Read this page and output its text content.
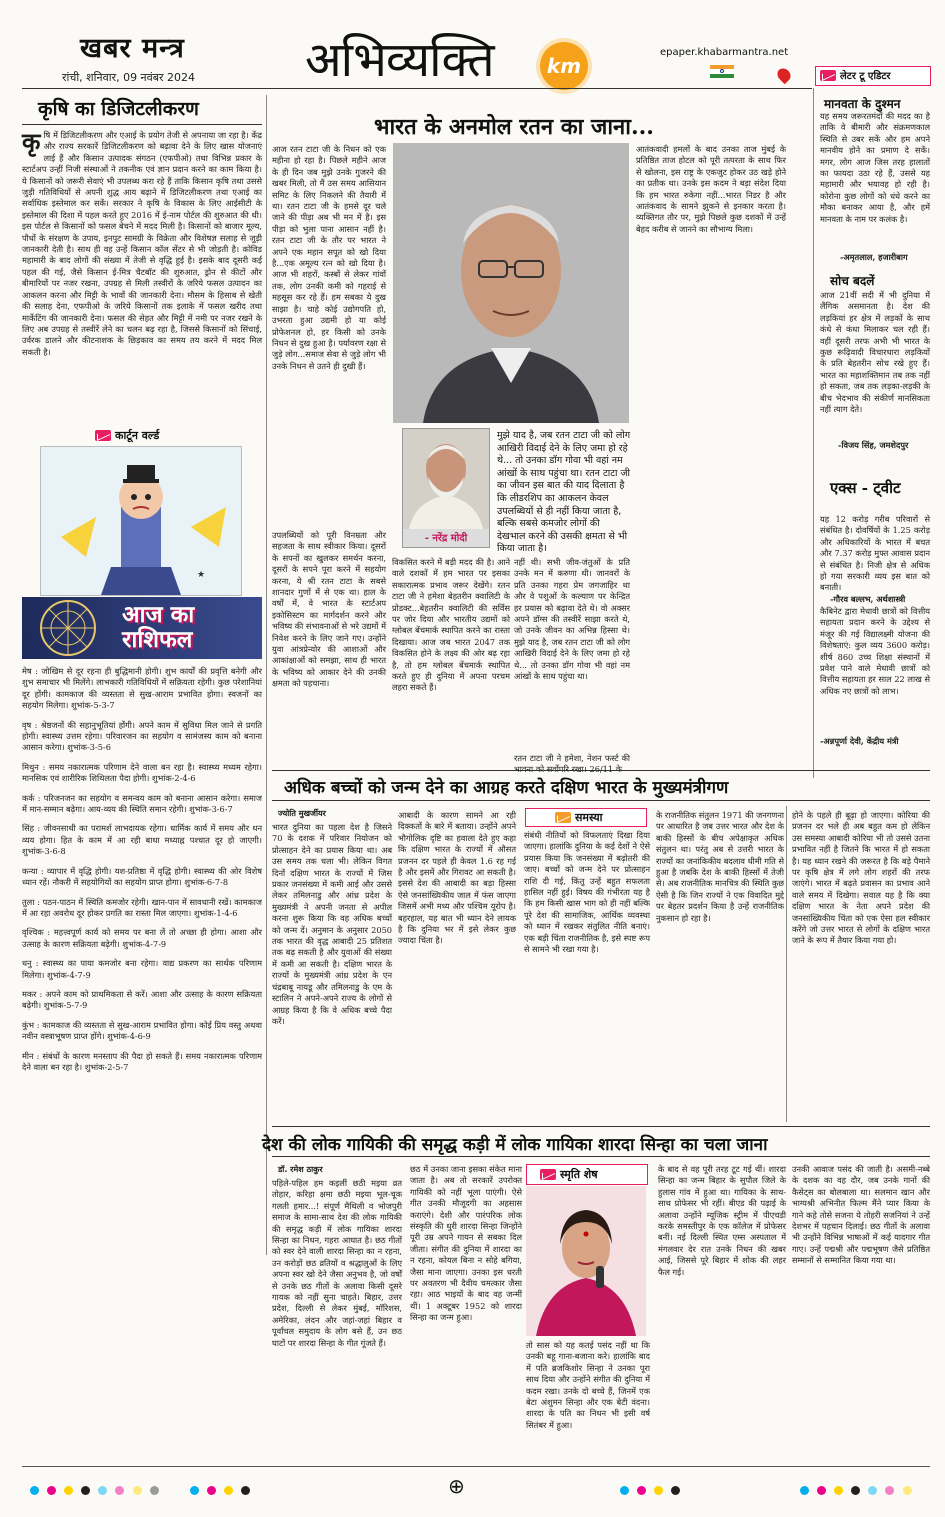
खबर मन्त्र
रांची, शनिवार, 09 नवंबर 2024 अभिव्यक्ति	km
epaper.khabarmantra.net
लेटर टू एडिटर
कृषि का डिजिटलीकरण
कृ षि में डिजिटलीकरण और एआई के प्रयोग तेजी से अपनाया जा रहा है। केंद्र और राज्य सरकारें डिजिटलीकरण को बढ़ावा देने के लिए खास योजनाएं लाई हैं और किसान उत्पादक संगठन (एफपीओ) तथा विभिन्न प्रकार के स्टार्टअप उन्हीं निजी संस्थाओं ने तकनीक एवं ज्ञान प्रदान करने का काम किया है। ये किसानों को जरूरी सेवाएं भी उपलब्ध करा रहे हैं ताकि किसान कृषि तथा उससे जुड़ी गतिविधियों से अपनी शुद्ध आय बढ़ाने में डिजिटलीकरण तथा एआई का सर्वाधिक इस्तेमाल कर सकें। सरकार ने कृषि के विकास के लिए आईसीटी के इस्तेमाल की दिशा में पहल करते हुए 2016 में ई-नाम पोर्टल की शुरुआत की थी। इस पोर्टल से किसानों को फसल बेचने में मदद मिली है। किसानों को बाजार मूल्य, पौधों के संरक्षण के उपाय, इनपुट सामग्री के विक्रेता और विशेषज्ञ सलाह से जुड़ी जानकारी देती है। साथ ही वह उन्हें किसान कॉल सेंटर से भी जोड़ती है। कोविड महामारी के बाद लोगों की संख्या में तेजी से वृद्धि हुई है। इसके बाद दूसरी कई पहल की गई, जैसे किसान ई-मित्र चैटबॉट की शुरुआत, ड्रोन से कीटों और बीमारियों पर नजर रखना, उपग्रह से मिली तस्वीरों के जरिये फसल उत्पादन का आकलन करना और मिट्टी के भावों की जानकारी देना। मौसम के हिसाब से खेती की सलाह देना, एफपीओ के जरिये किसानों तक इलाके में फसल खरीद तथा मार्केटिंग की जानकारी देना। फसल की सेहत और मिट्टी में नमी पर नजर रखने के लिए अब उपग्रह से तस्वीरें लेने का चलन बढ़ रहा है, जिससे किसानों को सिंचाई, उर्वरक डालने और कीटनाशक के छिड़काव का समय तय करने में मदद मिल सकती है।
कार्टून वर्ल्ड
★
आज का राशिफल

मेष : जोखिम से दूर रहना ही बुद्धिमानी होगी। शुभ कार्यों की प्रवृत्ति बनेगी और शुभ समाचार भी मिलेंगे। लाभकारी गतिविधियों में सक्रियता रहेगी। कुछ परेशानियां दूर होंगी। कामकाज की व्यस्तता से सुख-आराम प्रभावित होगा। स्वजनों का सहयोग मिलेगा। शुभांक-5-3-7

वृष : श्रेष्ठजनों की सहानुभूतियां होंगी। अपने काम में सुविधा मिल जाने से प्रगति होगी। स्वास्थ्य उत्तम रहेगा। परिवारजन का सहयोग व सामंजस्य काम को बनाना आसान करेगा। शुभांक-3-5-6

मिथुन : समय नकारात्मक परिणाम देने वाला बन रहा है। स्वास्थ्य मध्यम रहेगा। मानसिक एवं शारीरिक शिथिलता पैदा होगी। शुभांक-2-4-6

कर्क : परिजनजन का सहयोग व समन्वय काम को बनाना आसान करेगा। समाज में मान-सम्मान बढ़ेगा। आय-व्यय की स्थिति समान रहेगी। शुभांक-3-6-7

सिंह : जीवनसाथी का परामर्श लाभदायक रहेगा। धार्मिक कार्य में समय और धन व्यय होगा। हित के काम में आ रही बाधा मध्याह्न पश्चात दूर हो जाएगी। शुभांक-3-6-8

कन्या : व्यापार में वृद्धि होगी। यश-प्रतिष्ठा में वृद्धि होगी। स्वास्थ्य की ओर विशेष ध्यान रहें। नौकरी में सहयोगियों का सहयोग प्राप्त होगा। शुभांक-6-7-8

तुला : पठन-पाठन में स्थिति कमजोर रहेगी। खान-पान में सावधानी रखें। कामकाज में आ रहा अवरोध दूर होकर प्रगति का रास्ता मिल जाएगा। शुभांक-1-4-6

वृश्चिक : महत्त्वपूर्ण कार्य को समय पर बना लें तो अच्छा ही होगा। आशा और उत्साह के कारण सक्रियता बढ़ेगी। शुभांक-4-7-9

धनु : स्वास्थ्य का पाया कमजोर बना रहेगा। वाद्य प्रकरण का सार्थक परिणाम मिलेगा। शुभांक-4-7-9

मकर : अपने काम को प्राथमिकता से करें। आशा और उत्साह के कारण सक्रियता बढ़ेगी। शुभांक-5-7-9

कुंभ : कामकाज की व्यस्तता से सुख-आराम प्रभावित होगा। कोई प्रिय वस्तु अथवा नवीन वस्त्राभूषण प्राप्त होंगे। शुभांक-4-6-9

मीन : संबंधों के कारण मनस्ताप की पैदा हो सकते हैं। समय नकारात्मक परिणाम देने वाला बन रहा है। शुभांक-2-5-7

भारत के अनमोल रतन का जाना...
आज रतन टाटा जी के निधन को एक महीना हो रहा है। पिछले महीने आज के ही दिन जब मुझे उनके गुजरने की खबर मिली, तो मैं उस समय आसियान समिट के लिए निकलने की तैयारी में था। रतन टाटा जी के हमसे दूर चले जाने की पीड़ा अब भी मन में है। इस पीड़ा को भुला पाना आसान नहीं है। रतन टाटा जी के तौर पर भारत ने अपने एक महान सपूत को खो दिया है...एक अमूल्य रत्न को खो दिया है। आज भी शहरों, कस्बों से लेकर गांवों तक, लोग उनकी कमी को गहराई से महसूस कर रहे हैं। हम सबका ये दुख साझा है। चाहे कोई उद्योगपति हो, उभरता हुआ उद्यमी हो या कोई प्रोफेशनल हो, हर किसी को उनके निधन से दुख हुआ है। पर्यावरण रक्षा से जुड़े लोग...समाज सेवा से जुड़े लोग भी उनके निधन से उतने ही दुखी हैं।
उपलब्धियों को पूरी विनम्रता और सहजता के साथ स्वीकार किया। दूसरों के सपनों का खुलकर समर्थन करना, दूसरों के सपने पूरा करने में सहयोग करना, ये श्री रतन टाटा के सबसे शानदार गुणों में से एक था। हाल के वर्षों में, वे भारत के स्टार्टअप इकोसिस्टम का मार्गदर्शन करने और भविष्य की संभावनाओं से भरे उद्यमों में निवेश करने के लिए जाने गए। उन्होंने युवा आंत्रप्रेन्योर की आशाओं और आकांक्षाओं को समझा, साथ ही भारत के भविष्य को आकार देने की उनकी क्षमता को पहचाना।
आतंकवादी हमलों के बाद उनका ताज मुंबई के प्रतिष्ठित ताज होटल को पूरी तत्परता के साथ फिर से खोलना, इस राष्ट्र के एकजुट होकर उठ खड़े होने का प्रतीक था। उनके इस कदम ने बड़ा संदेश दिया कि हम भारत रुकेगा नहीं...भारत निडर है और आतंकवाद के सामने झुकने से इनकार करता है। व्यक्तिगत तौर पर, मुझे पिछले कुछ दशकों में उन्हें बेहद करीब से जानने का सौभाग्य मिला।
- नरेंद्र मोदी
मुझे याद है, जब रतन टाटा जी को लोग आखिरी विदाई देने के लिए जमा हो रहे थे... तो उनका डॉग गोवा भी वहां नम आंखों के साथ पहुंचा था। रतन टाटा जी का जीवन इस बात की याद दिलाता है कि लीडरशिप का आकलन केवल उपलब्धियों से ही नहीं किया जाता है, बल्कि सबसे कमजोर लोगों की देखभाल करने की उसकी क्षमता से भी किया जाता है।
विकसित करने में बड़ी मदद की है। आने वाले दशकों में हम भारत पर इसका सकारात्मक प्रभाव जरूर देखेंगे। रतन टाटा जी ने हमेशा बेहतरीन क्वालिटी के प्रोडक्ट...बेहतरीन क्वालिटी की सर्विस पर जोर दिया और भारतीय उद्यमों को ग्लोबल बेंचमार्क स्थापित करने का रास्ता दिखाया। आज जब भारत 2047 तक विकसित होने के लक्ष्य की ओर बढ़ रहा है, तो हम ग्लोबल बेंचमार्क स्थापित करते हुए ही दुनिया में अपना परचम लहरा सकते हैं।
नहीं थी। सभी जीव-जंतुओं के प्रति उनके मन में करुणा थी। जानवरों के प्रति उनका गहरा प्रेम जगजाहिर था और वे पशुओं के कल्याण पर केन्द्रित हर प्रयास को बढ़ावा देते थे। वो अक्सर अपने डॉग्स की तस्वीरें साझा करते थे, जो उनके जीवन का अभिन्न हिस्सा थे। मुझे याद है, जब रतन टाटा जी को लोग आखिरी विदाई देने के लिए जमा हो रहे थे... तो उनका डॉग गोवा भी वहां नम आंखों के साथ पहुंचा था।
रतन टाटा जी ने हमेशा, नेशन फर्स्ट की
मानवता के दुश्मन
यह समय जरूरतमंदों की मदद का है ताकि वे बीमारी और संक्रमणकाल स्थिति से उबर सकें और हम अपने मानवीय होने का प्रमाण दे सकें। मगर, लोग आज जिस तरह हालातों का फायदा उठा रहे हैं, उससे यह महामारी और भयावह हो रही है। कोरोना कुछ लोगों को धंधे करने का मौका बनाकर आया है, और हमें मानवता के नाम पर कलंक है।
-अमृतलाल, हजारीबाग
सोच बदलें
आज 21वीं सदी में भी दुनिया में लैंगिक असमानता है। देश की लड़कियां हर क्षेत्र में लड़कों के साथ कंधे से कंधा मिलाकर चल रही हैं। वहीं दूसरी तरफ अभी भी भारत के कुछ रूढ़िवादी विचारधारा लड़कियों के प्रति बेहतरीन सोच रखे हुए हैं। भारत का महाशक्तिमान तब तक नहीं हो सकता, जब तक लड़का-लड़की के बीच भेदभाव की संकीर्ण मानसिकता नहीं त्याग देते।
-विजय सिंह, जमशेदपुर
एक्स - ट्वीट
यह 12 करोड़ गरीब परिवारों से संबंधित है। दोवर्षियों के 1.25 करोड़ और अधिकारियों के भारत में बचत और 7.37 करोड़ मुफ्त आवास प्रदान से संबंधित है। निजी क्षेत्र से अधिक हो गया सरकारी व्यय इस बात को बनाती।
-गौरव बल्लभ, अर्थशास्त्री
कैबिनेट द्वारा मेधावी छात्रों को वित्तीय सहायता प्रदान करने के उद्देश्य से मंजूर की गई विद्यालक्ष्मी योजना की विशेषताएं: कुल व्यय 3600 करोड़। शीर्ष 860 उच्च शिक्षा संस्थानों में प्रवेश पाने वाले मेधावी छात्रों को वित्तीय सहायता हर साल 22 लाख से अधिक नए छात्रों को लाभ।
-अन्नपूर्णा देवी, केंद्रीय मंत्री
अधिक बच्चों को जन्म देने का आग्रह करते दक्षिण भारत के मुख्यमंत्रीगण
ज्योति मुखर्जीयर
भारत दुनिया का पहला देश है जिसने 70 के दशक में परिवार नियोजन को प्रोत्साहन देने का प्रयास किया था। अब उस समय तक चला भी। लेकिन विगत दिनों दक्षिण भारत के राज्यों में जिस प्रकार जनसंख्या में कमी आई और उससे लेकर तमिलनाडु और आंध्र प्रदेश के मुख्यमंत्री ने अपनी जनता से अपील करना शुरू किया कि वह अधिक बच्चों को जन्म दें। अनुमान के अनुसार 2050 तक भारत की वृद्ध आबादी 25 प्रतिशत तक बढ़ सकती है और युवाओं की संख्या में कमी आ सकती है। दक्षिण भारत के राज्यों के मुख्यमंत्री आंध्र प्रदेश के एन चंद्रबाबू नायडू और तमिलनाडु के एम के स्टालिन ने अपने-अपने राज्य के लोगों से आग्रह किया है कि वे अधिक बच्चे पैदा करें।
आबादी के कारण सामने आ रही दिक्कतों के बारे में बताया। उन्होंने अपने भौगोलिक दृष्टि का हवाला देते हुए कहा कि दक्षिण भारत के राज्यों में औसत प्रजनन दर पहले ही केवल 1.6 रह गई है और इसमें और गिरावट आ सकती है। इससे देश की आबादी का बड़ा हिस्सा ऐसे जनसांख्यिकीय जाल में फंस जाएगा जिसमें अभी मध्य और पश्चिम यूरोप है। बहरहाल, यह बात भी ध्यान देने लायक है कि दुनिया भर में इसे लेकर कुछ ज्यादा चिंता है।
समस्या
संबंधी नीतियों को विफलताएं दिखा दिया जाएगा। हालांकि दुनिया के कई देशों ने ऐसे प्रयास किया कि जनसंख्या में बढ़ोतरी की जाए। बच्चों को जन्म देने पर प्रोत्साहन राशि दी गई, किंतु उन्हें बहुत सफलता हासिल नहीं हुई। विषय की गंभीरता यह है कि हम किसी खास भाग को ही नहीं बल्कि पूरे देश की सामाजिक, आर्थिक व्यवस्था को ध्यान में रखकर संतुलित नीति बनाएं। एक बड़ी चिंता राजनीतिक है, इसे स्पष्ट रूप से सामने भी रखा गया है।
के राजनीतिक संतुलन 1971 की जनगणना पर आधारित है जब उत्तर भारत और देश के बाकी हिस्सों के बीच अपेक्षाकृत अधिक संतुलन था। परंतु अब से उत्तरी भारत के राज्यों का जनांकिकीय बदलाव धीमी गति से हुआ है जबकि देश के बाकी हिस्सों में तेजी से। अब राजनीतिक मानचित्र की स्थिति कुछ ऐसी है कि जिन राज्यों ने एक विवादित मुद्दे पर बेहतर प्रदर्शन किया है उन्हें राजनीतिक नुकसान हो रहा है।
होने के पहले ही बूढ़ा हो जाएगा। कोरिया की प्रजनन दर भले ही अब बहुत कम हो लेकिन उस समस्या आबादी कोरिया भी तो उससे उतना प्रभावित नहीं है जितने कि भारत में हो सकता है। यह ध्यान रखने की जरूरत है कि बड़े पैमाने पर कृषि क्षेत्र में लगे लोग शहरों की तरफ जाएंगे। भारत में बढ़ते प्रवासन का प्रभाव आने वाले समय में दिखेगा। सवाल यह है कि क्या दक्षिण भारत के नेता अपने प्रदेश की जनसांख्यिकीय चिंता को एक ऐसा हल स्वीकार करेंगे जो उत्तर भारत से लोगों के दक्षिण भारत जाने के रूप में तैयार किया गया हो।
देश की लोक गायिकी की समृद्ध कड़ी में लोक गायिका शारदा सिन्हा का चला जाना
डॉ. रमेश ठाकुर
पहिले-पहिल हम कइलीं छठी मइया व्रत तोहार, करिहा क्षमा छठी मइया भूल-चूक गलती हमार...! संपूर्ण मैथिली व भोजपुरी समाज के सामा-साथ देश की लोक गायिकी की समृद्ध कड़ी में लोक गायिका शारदा सिन्हा का निधन, गहरा आघात है। छठ गीतों को स्वर देने वाली शारदा सिन्हा का न रहना, उन करोड़ों छठ व्रतियों व श्रद्धालुओं के लिए अपना स्वर खो देने जैसा अनुभव है, जो वर्षों से उनके छठ गीतों के अलावा किसी दूसरे गायक को नहीं सुना चाहते। बिहार, उत्तर प्रदेश, दिल्ली से लेकर मुंबई, मॉरिशस, अमेरिका, लंदन और जहां-जहां बिहार व पूर्वांचल समुदाय के लोग बसे हैं, उन छठ घाटों पर शारदा सिन्हा के गीत गूंजते हैं।
छठ में उनका जाना इसका संकेत माना जाता है। अब तो सरकारें उपरोक्त गायिकी को नहीं भूला पाएंगी। ऐसे गीत उनकी मौजूदगी का अहसास कराएंगे। देशी और पारंपरिक लोक संस्कृति की धुरी शारदा सिन्हा जिन्होंने पूरी उम्र अपने गायन से सबका दिल जीता। संगीत की दुनिया में शारदा का न रहना, कोयल बिना न सोहे बगिया, जैसा माना जाएगा। उनका इस धरती पर अवतरण भी दैवीय चमत्कार जैसा रहा। आठ भाइयों के बाद वह जन्मीं थीं। 1 अक्टूबर 1952 को शारदा सिन्हा का जन्म हुआ।
स्मृति शेष
तो सास को यह कतई पसंद नहीं था कि उनकी बहू गाना-बजाना करे। हालांकि बाद में पति ब्रजकिशोर सिन्हा ने उनका पूरा साथ दिया और उन्होंने संगीत की दुनिया में कदम रखा। उनके दो बच्चे हैं, जिनमें एक बेटा अंशुमन सिन्हा और एक बेटी वंदना। शारदा के पति का निधन भी इसी वर्ष सितंबर में हुआ।
के बाद से वह पूरी तरह टूट गई थीं। शारदा सिन्हा का जन्म बिहार के सुपौल जिले के हुलास गांव में हुआ था। गायिका के साथ-साथ प्रोफेसर भी रहीं। बीएड की पढ़ाई के अलावा उन्होंने म्यूजिक स्ट्रीम में पीएचडी करके समस्तीपुर के एक कॉलेज में प्रोफेसर बनीं। नई दिल्ली स्थित एम्स अस्पताल में मंगलवार देर रात उनके निधन की खबर आई, जिससे पूरे बिहार में शोक की लहर फैल गई।
उनकी आवाज पसंद की जाती है। असमी-नब्बे के दशक का वह दौर, जब उनके गानों की कैसेट्स का बोलबाला था। सलमान खान और भाग्यश्री अभिनीत फिल्म मैंने प्यार किया के गाने कहे तोसे सजना ये तोहरी सजनियां ने उन्हें देशभर में पहचान दिलाई। छठ गीतों के अलावा भी उन्होंने विभिन्न भाषाओं में कई यादगार गीत गाए। उन्हें पद्मश्री और पद्मभूषण जैसे प्रतिष्ठित सम्मानों से सम्मानित किया गया था।

⊕
